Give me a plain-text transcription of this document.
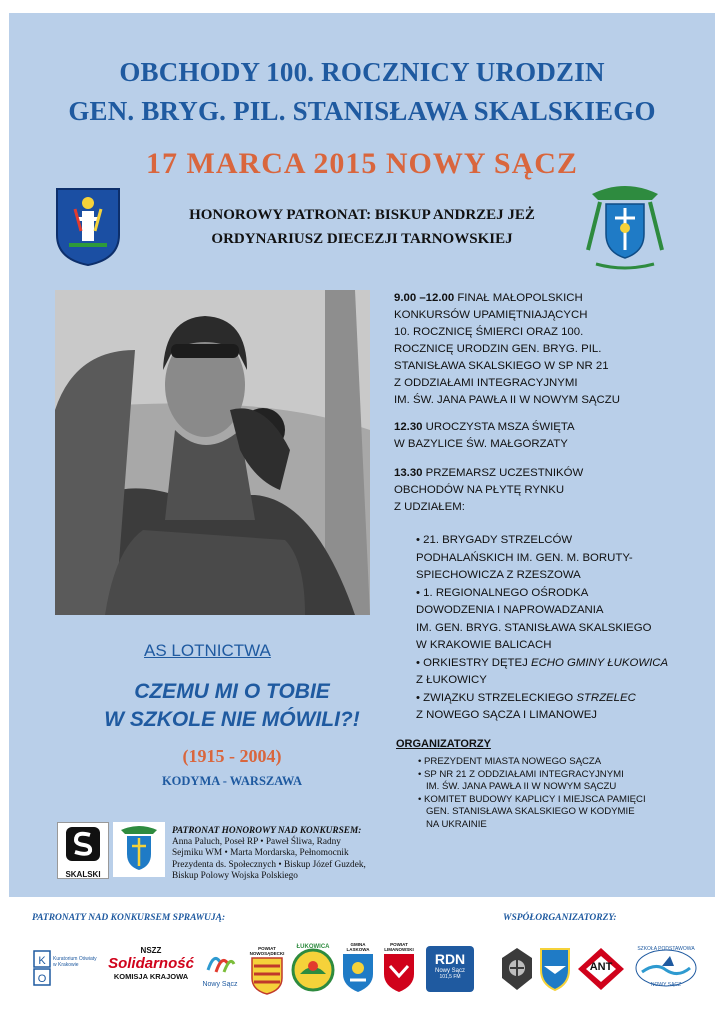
OBCHODY 100. ROCZNICY URODZIN
GEN. BRYG. PIL. STANISŁAWA SKALSKIEGO
17 MARCA 2015 NOWY SĄCZ
HONOROWY PATRONAT: BISKUP ANDRZEJ JEŻ
ORDYNARIUSZ DIECEZJI TARNOWSKIEJ
9.00 –12.00 FINAŁ MAŁOPOLSKICH
KONKURSÓW UPAMIĘTNIAJĄCYCH
10. ROCZNICĘ ŚMIERCI ORAZ 100.
ROCZNICĘ URODZIN GEN. BRYG. PIL.
STANISŁAWA SKALSKIEGO W SP NR 21
Z ODDZIAŁAMI INTEGRACYJNYMI
IM. ŚW. JANA PAWŁA II W NOWYM SĄCZU
12.30 UROCZYSTA MSZA ŚWIĘTA
W BAZYLICE ŚW. MAŁGORZATY
13.30 PRZEMARSZ UCZESTNIKÓW
OBCHODÓW NA PŁYTĘ RYNKU
Z UDZIAŁEM:
• 21. BRYGADY STRZELCÓW
PODHALAŃSKICH IM. GEN. M. BORUTY-
SPIECHOWICZA Z RZESZOWA
• 1. REGIONALNEGO OŚRODKA
DOWODZENIA I NAPROWADZANIA
IM. GEN. BRYG. STANISŁAWA SKALSKIEGO
W KRAKOWIE BALICACH
• ORKIESTRY DĘTEJ ECHO GMINY ŁUKOWICA
Z ŁUKOWICY
• ZWIĄZKU STRZELECKIEGO STRZELEC
Z NOWEGO SĄCZA I LIMANOWEJ
ORGANIZATORZY
• PREZYDENT MIASTA NOWEGO SĄCZA
• SP NR 21 Z ODDZIAŁAMI INTEGRACYJNYMI
IM. ŚW. JANA PAWŁA II W NOWYM SĄCZU
• KOMITET BUDOWY KAPLICY I MIEJSCA PAMIĘCI
GEN. STANISŁAWA SKALSKIEGO W KODYMIE
NA UKRAINIE
AS LOTNICTWA
CZEMU MI O TOBIE
W SZKOLE NIE MÓWILI?!
(1915 - 2004)
KODYMA - WARSZAWA
SKALSKI
PATRONAT HONOROWY NAD KONKURSEM:
Anna Paluch, Poseł RP • Paweł Śliwa, Radny
Sejmiku WM • Marta Mordarska, Pełnomocnik
Prezydenta ds. Społecznych • Biskup Józef Guzdek,
Biskup Polowy Wojska Polskiego
PATRONATY NAD KONKURSEM SPRAWUJĄ:	WSPÓŁORGANIZATORZY:
K
O
Kuratorium Oświaty w Krakowie
NSZZ
Solidarność
KOMISJA KRAJOWA
Nowy Sącz
POWIAT NOWOSĄDECKI
ŁUKOWICA	GMINA LASKOWA
POWIAT LIMANOWSKI
RDN
Nowy Sącz
101,5 FM
ANT
SZKOŁA PODSTAWOWA
NOWY SĄCZ
